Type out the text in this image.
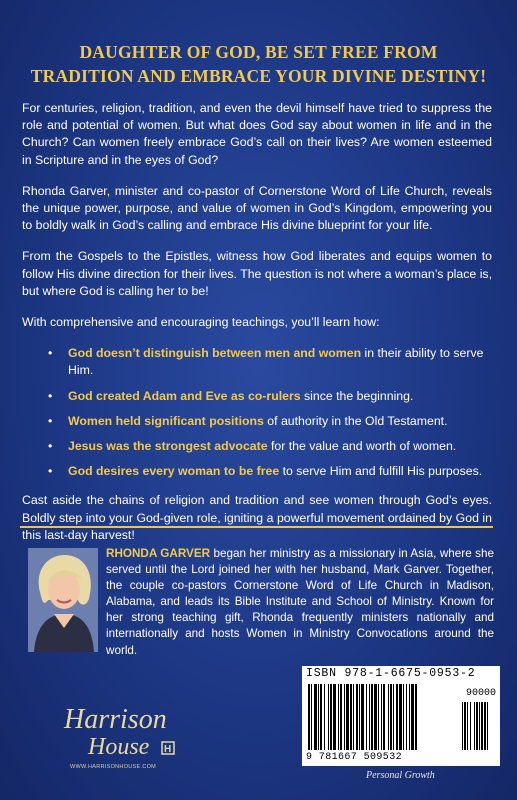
DAUGHTER OF GOD, BE SET FREE FROM
TRADITION AND EMBRACE YOUR DIVINE DESTINY!

For centuries, religion, tradition, and even the devil himself have tried to suppress the role and potential of women. But what does God say about women in life and in the Church? Can women freely embrace God’s call on their lives? Are women esteemed in Scripture and in the eyes of God?

Rhonda Garver, minister and co-pastor of Cornerstone Word of Life Church, reveals the unique power, purpose, and value of women in God’s Kingdom, empowering you to boldly walk in God’s calling and embrace His divine blueprint for your life.

From the Gospels to the Epistles, witness how God liberates and equips women to follow His divine direction for their lives. The question is not where a woman’s place is, but where God is calling her to be!

With comprehensive and encouraging teachings, you’ll learn how:

• God doesn’t distinguish between men and women in their ability to serve Him.
• God created Adam and Eve as co-rulers since the beginning.
• Women held significant positions of authority in the Old Testament.
• Jesus was the strongest advocate for the value and worth of women.
• God desires every woman to be free to serve Him and fulfill His purposes.

Cast aside the chains of religion and tradition and see women through God’s eyes. Boldly step into your God-given role, igniting a powerful movement ordained by God in this last-day harvest!

RHONDA GARVER began her ministry as a missionary in Asia, where she served until the Lord joined her with her husband, Mark Garver. Together, the couple co-pastors Cornerstone Word of Life Church in Madison, Alabama, and leads its Bible Institute and School of Ministry. Known for her strong teaching gift, Rhonda frequently ministers nationally and internationally and hosts Women in Ministry Convocations around the world.
Harrison
House H
WWW.HARRISONHOUSE.COM
ISBN 978-1-6675-0953-2
90000
9 781667 509532
Personal Growth
